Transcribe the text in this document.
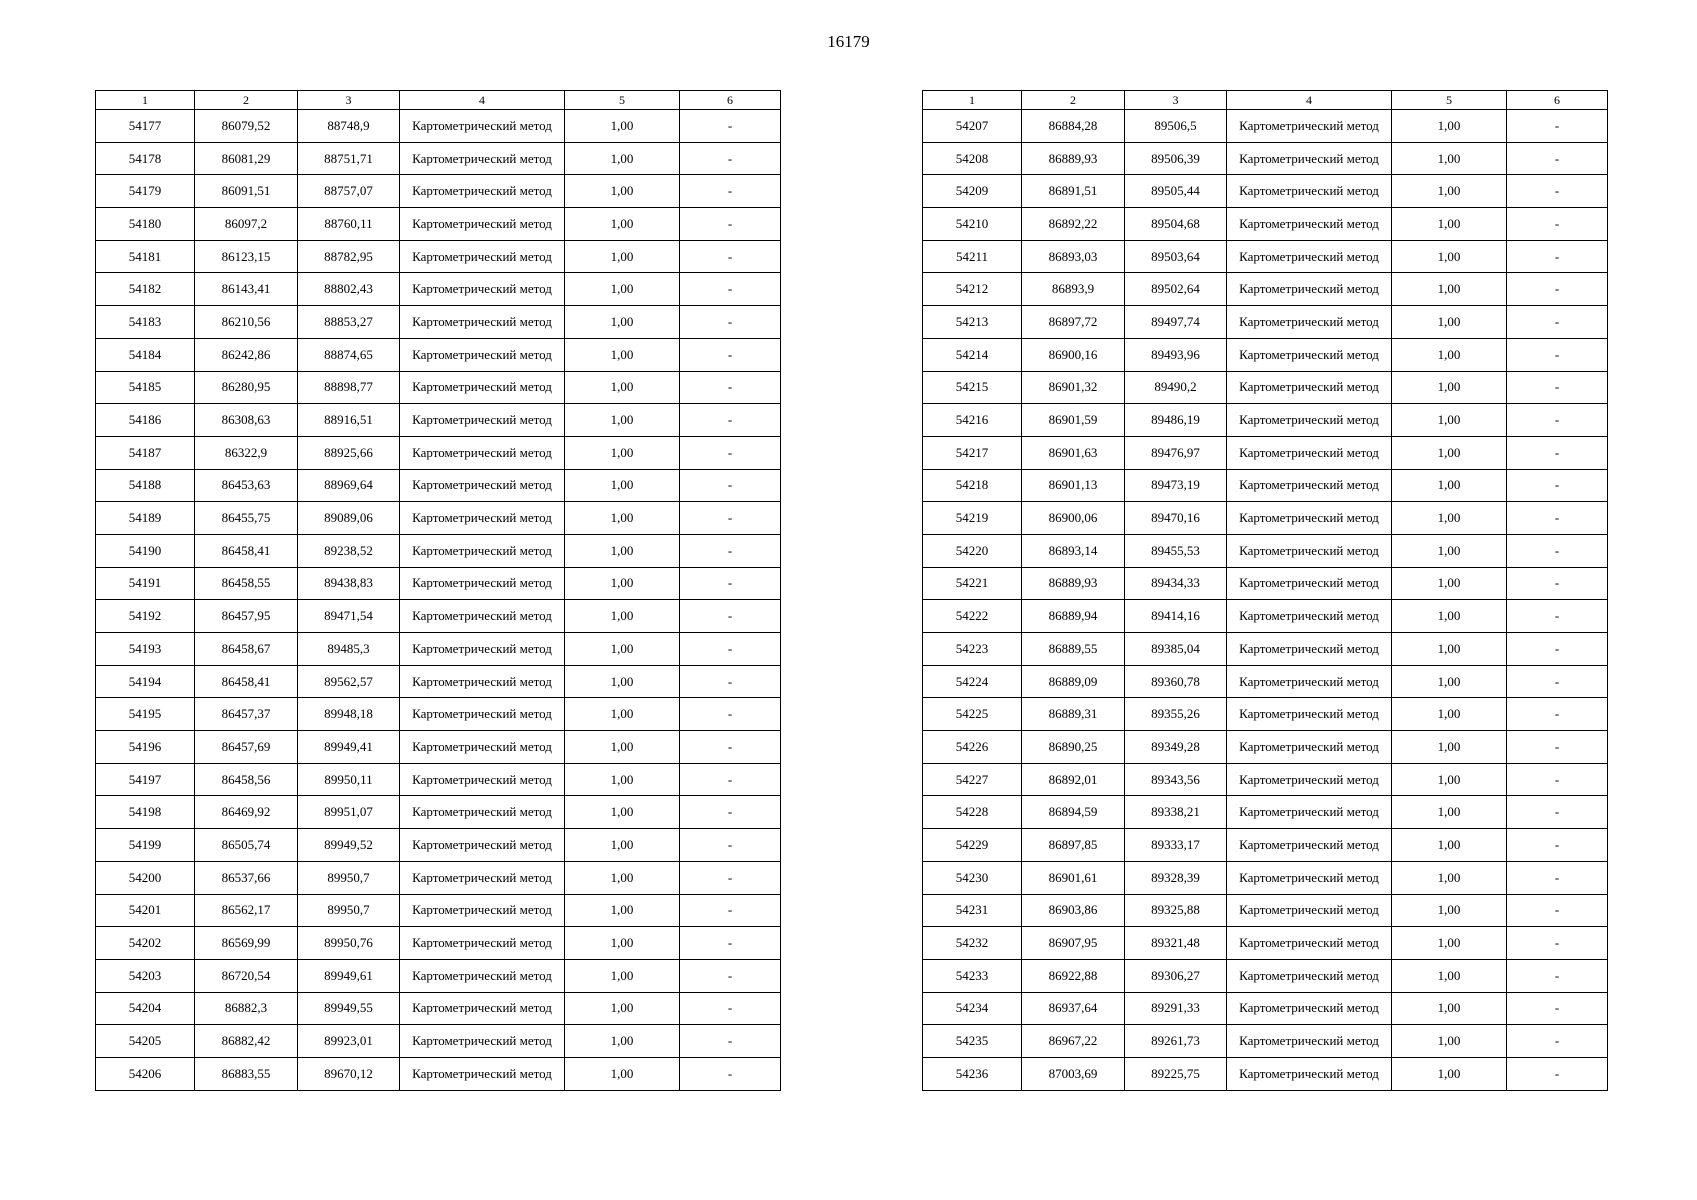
16179
1	2	3	4	5	6
54177	86079,52	88748,9	Картометрический метод	1,00	-
54178	86081,29	88751,71	Картометрический метод	1,00	-
54179	86091,51	88757,07	Картометрический метод	1,00	-
54180	86097,2	88760,11	Картометрический метод	1,00	-
54181	86123,15	88782,95	Картометрический метод	1,00	-
54182	86143,41	88802,43	Картометрический метод	1,00	-
54183	86210,56	88853,27	Картометрический метод	1,00	-
54184	86242,86	88874,65	Картометрический метод	1,00	-
54185	86280,95	88898,77	Картометрический метод	1,00	-
54186	86308,63	88916,51	Картометрический метод	1,00	-
54187	86322,9	88925,66	Картометрический метод	1,00	-
54188	86453,63	88969,64	Картометрический метод	1,00	-
54189	86455,75	89089,06	Картометрический метод	1,00	-
54190	86458,41	89238,52	Картометрический метод	1,00	-
54191	86458,55	89438,83	Картометрический метод	1,00	-
54192	86457,95	89471,54	Картометрический метод	1,00	-
54193	86458,67	89485,3	Картометрический метод	1,00	-
54194	86458,41	89562,57	Картометрический метод	1,00	-
54195	86457,37	89948,18	Картометрический метод	1,00	-
54196	86457,69	89949,41	Картометрический метод	1,00	-
54197	86458,56	89950,11	Картометрический метод	1,00	-
54198	86469,92	89951,07	Картометрический метод	1,00	-
54199	86505,74	89949,52	Картометрический метод	1,00	-
54200	86537,66	89950,7	Картометрический метод	1,00	-
54201	86562,17	89950,7	Картометрический метод	1,00	-
54202	86569,99	89950,76	Картометрический метод	1,00	-
54203	86720,54	89949,61	Картометрический метод	1,00	-
54204	86882,3	89949,55	Картометрический метод	1,00	-
54205	86882,42	89923,01	Картометрический метод	1,00	-
54206	86883,55	89670,12	Картометрический метод	1,00	-
1	2	3	4	5	6
54207	86884,28	89506,5	Картометрический метод	1,00	-
54208	86889,93	89506,39	Картометрический метод	1,00	-
54209	86891,51	89505,44	Картометрический метод	1,00	-
54210	86892,22	89504,68	Картометрический метод	1,00	-
54211	86893,03	89503,64	Картометрический метод	1,00	-
54212	86893,9	89502,64	Картометрический метод	1,00	-
54213	86897,72	89497,74	Картометрический метод	1,00	-
54214	86900,16	89493,96	Картометрический метод	1,00	-
54215	86901,32	89490,2	Картометрический метод	1,00	-
54216	86901,59	89486,19	Картометрический метод	1,00	-
54217	86901,63	89476,97	Картометрический метод	1,00	-
54218	86901,13	89473,19	Картометрический метод	1,00	-
54219	86900,06	89470,16	Картометрический метод	1,00	-
54220	86893,14	89455,53	Картометрический метод	1,00	-
54221	86889,93	89434,33	Картометрический метод	1,00	-
54222	86889,94	89414,16	Картометрический метод	1,00	-
54223	86889,55	89385,04	Картометрический метод	1,00	-
54224	86889,09	89360,78	Картометрический метод	1,00	-
54225	86889,31	89355,26	Картометрический метод	1,00	-
54226	86890,25	89349,28	Картометрический метод	1,00	-
54227	86892,01	89343,56	Картометрический метод	1,00	-
54228	86894,59	89338,21	Картометрический метод	1,00	-
54229	86897,85	89333,17	Картометрический метод	1,00	-
54230	86901,61	89328,39	Картометрический метод	1,00	-
54231	86903,86	89325,88	Картометрический метод	1,00	-
54232	86907,95	89321,48	Картометрический метод	1,00	-
54233	86922,88	89306,27	Картометрический метод	1,00	-
54234	86937,64	89291,33	Картометрический метод	1,00	-
54235	86967,22	89261,73	Картометрический метод	1,00	-
54236	87003,69	89225,75	Картометрический метод	1,00	-
